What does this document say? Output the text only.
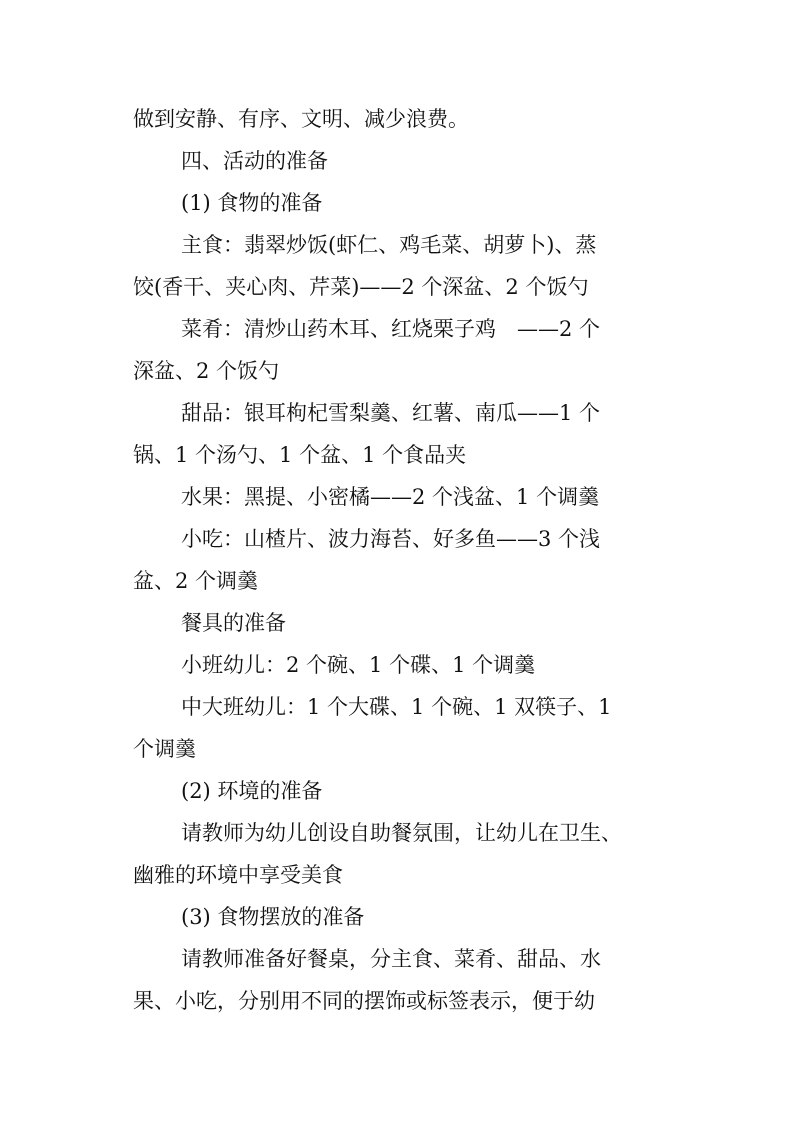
做到安静、有序、文明、减少浪费。
四、活动的准备
(1) 食物的准备
主食：翡翠炒饭(虾仁、鸡毛菜、胡萝卜)、蒸
饺(香干、夹心肉、芹菜)——2 个深盆、2 个饭勺
菜肴：清炒山药木耳、红烧栗子鸡　——2 个
深盆、2 个饭勺
甜品：银耳枸杞雪梨羹、红薯、南瓜——1 个
锅、1 个汤勺、1 个盆、1 个食品夹
水果：黑提、小密橘——2 个浅盆、1 个调羹
小吃：山楂片、波力海苔、好多鱼——3 个浅
盆、2 个调羹
餐具的准备
小班幼儿：2 个碗、1 个碟、1 个调羹
中大班幼儿：1 个大碟、1 个碗、1 双筷子、1
个调羹
(2) 环境的准备
请教师为幼儿创设自助餐氛围，让幼儿在卫生、
幽雅的环境中享受美食
(3) 食物摆放的准备
请教师准备好餐桌，分主食、菜肴、甜品、水
果、小吃，分别用不同的摆饰或标签表示，便于幼
